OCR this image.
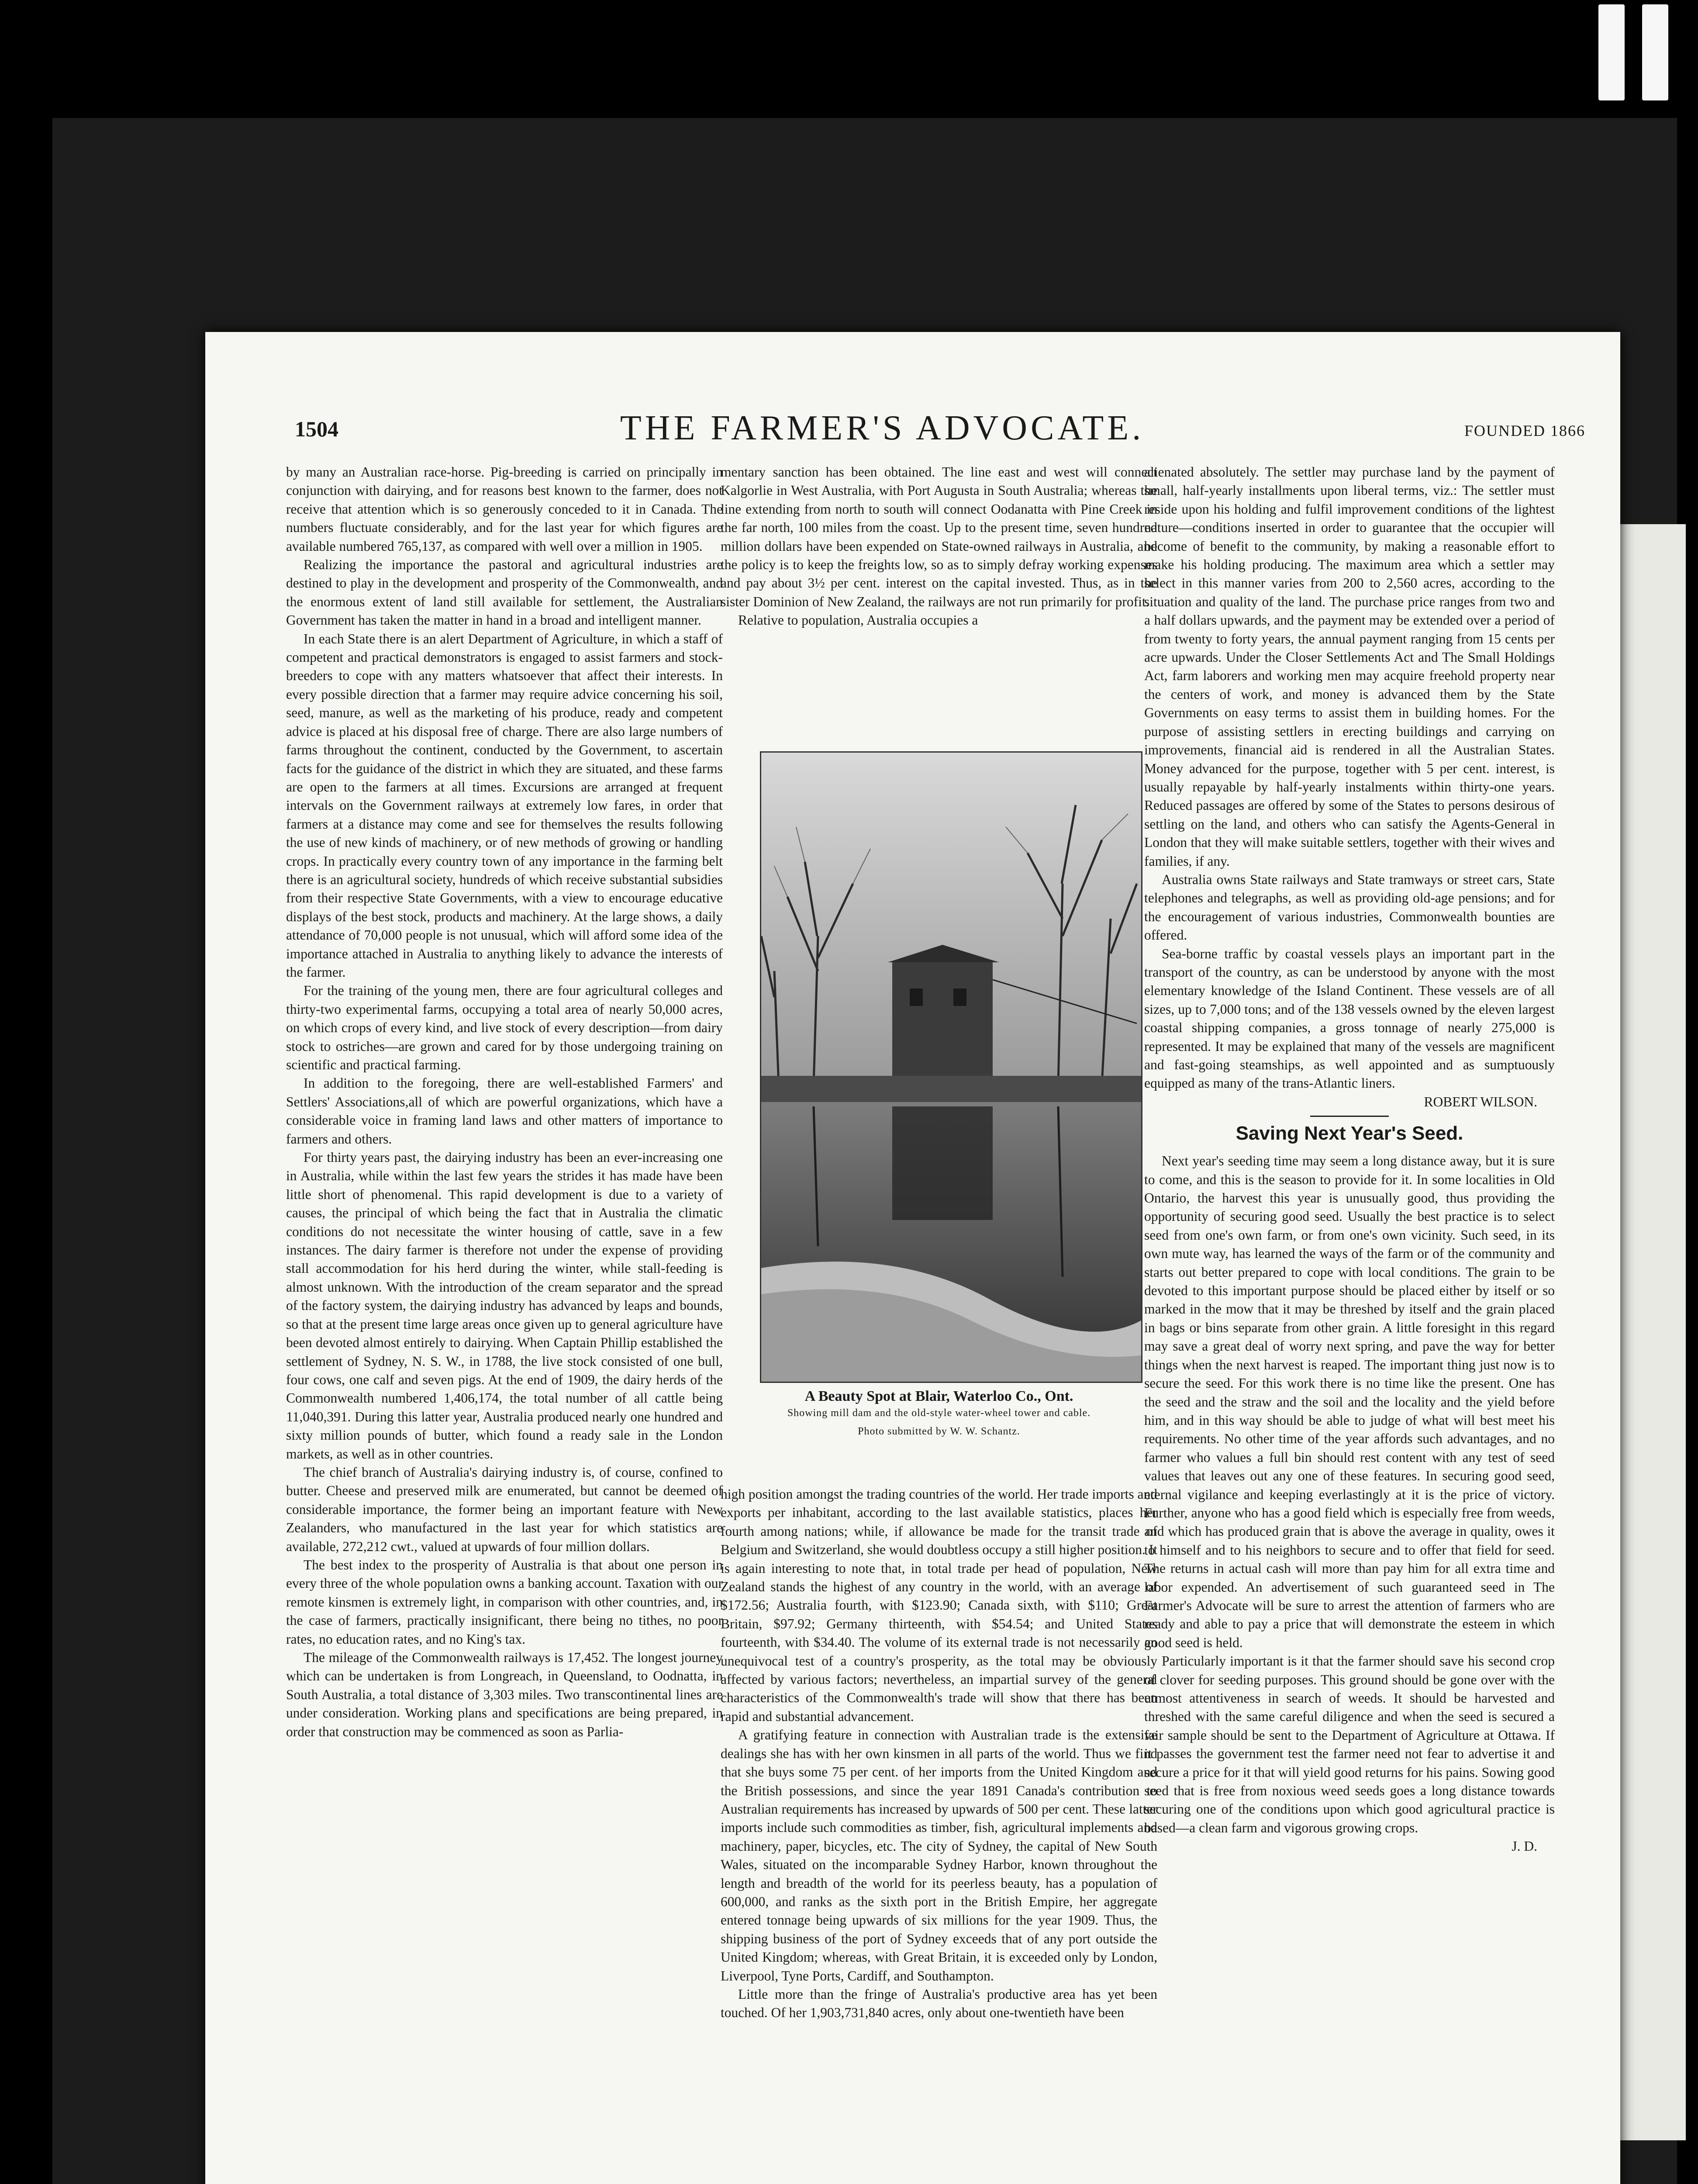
1504	THE FARMER'S ADVOCATE.	FOUNDED 1866

by many an Australian race-horse. Pig-breeding is carried on principally in conjunction with dairying, and for reasons best known to the farmer, does not receive that attention which is so generously conceded to it in Canada. The numbers fluctuate considerably, and for the last year for which figures are available numbered 765,137, as compared with well over a million in 1905.

Realizing the importance the pastoral and agricultural industries are destined to play in the development and prosperity of the Commonwealth, and the enormous extent of land still available for settlement, the Australian Government has taken the matter in hand in a broad and intelligent manner.

In each State there is an alert Department of Agriculture, in which a staff of competent and practical demonstrators is engaged to assist farmers and stock-breeders to cope with any matters whatsoever that affect their interests. In every possible direction that a farmer may require advice concerning his soil, seed, manure, as well as the marketing of his produce, ready and competent advice is placed at his disposal free of charge. There are also large numbers of farms throughout the continent, conducted by the Government, to ascertain facts for the guidance of the district in which they are situated, and these farms are open to the farmers at all times. Excursions are arranged at frequent intervals on the Government railways at extremely low fares, in order that farmers at a distance may come and see for themselves the results following the use of new kinds of machinery, or of new methods of growing or handling crops. In practically every country town of any importance in the farming belt there is an agricultural society, hundreds of which receive substantial subsidies from their respective State Governments, with a view to encourage educative displays of the best stock, products and machinery. At the large shows, a daily attendance of 70,000 people is not unusual, which will afford some idea of the importance attached in Australia to anything likely to advance the interests of the farmer.

For the training of the young men, there are four agricultural colleges and thirty-two experimental farms, occupying a total area of nearly 50,000 acres, on which crops of every kind, and live stock of every description—from dairy stock to ostriches—are grown and cared for by those undergoing training on scientific and practical farming.

In addition to the foregoing, there are well-established Farmers' and Settlers' Associations,all of which are powerful organizations, which have a considerable voice in framing land laws and other matters of importance to farmers and others.

For thirty years past, the dairying industry has been an ever-increasing one in Australia, while within the last few years the strides it has made have been little short of phenomenal. This rapid development is due to a variety of causes, the principal of which being the fact that in Australia the climatic conditions do not necessitate the winter housing of cattle, save in a few instances. The dairy farmer is therefore not under the expense of providing stall accommodation for his herd during the winter, while stall-feeding is almost unknown. With the introduction of the cream separator and the spread of the factory system, the dairying industry has advanced by leaps and bounds, so that at the present time large areas once given up to general agriculture have been devoted almost entirely to dairying. When Captain Phillip established the settlement of Sydney, N. S. W., in 1788, the live stock consisted of one bull, four cows, one calf and seven pigs. At the end of 1909, the dairy herds of the Commonwealth numbered 1,406,174, the total number of all cattle being 11,040,391. During this latter year, Australia produced nearly one hundred and sixty million pounds of butter, which found a ready sale in the London markets, as well as in other countries.

The chief branch of Australia's dairying industry is, of course, confined to butter. Cheese and preserved milk are enumerated, but cannot be deemed of considerable importance, the former being an important feature with New Zealanders, who manufactured in the last year for which statistics are available, 272,212 cwt., valued at upwards of four million dollars.

The best index to the prosperity of Australia is that about one person in every three of the whole population owns a banking account. Taxation with our remote kinsmen is extremely light, in comparison with other countries, and, in the case of farmers, practically insignificant, there being no tithes, no poor rates, no education rates, and no King's tax.

The mileage of the Commonwealth railways is 17,452. The longest journey which can be undertaken is from Longreach, in Queensland, to Oodnatta, in South Australia, a total distance of 3,303 miles. Two transcontinental lines are under consideration. Working plans and specifications are being prepared, in order that construction may be commenced as soon as Parlia-

mentary sanction has been obtained. The line east and west will connect Kalgorlie in West Australia, with Port Augusta in South Australia; whereas the line extending from north to south will connect Oodanatta with Pine Creek in the far north, 100 miles from the coast. Up to the present time, seven hundred million dollars have been expended on State-owned railways in Australia, and the policy is to keep the freights low, so as to simply defray working expenses and pay about 3½ per cent. interest on the capital invested. Thus, as in the sister Dominion of New Zealand, the railways are not run primarily for profit.

Relative to population, Australia occupies a

A Beauty Spot at Blair, Waterloo Co., Ont.
Showing mill dam and the old-style water-wheel tower and cable.
Photo submitted by W. W. Schantz.

high position amongst the trading countries of the world. Her trade imports and exports per inhabitant, according to the last available statistics, places her fourth among nations; while, if allowance be made for the transit trade of Belgium and Switzerland, she would doubtless occupy a still higher position. It is again interesting to note that, in total trade per head of population, New Zealand stands the highest of any country in the world, with an average of $172.56; Australia fourth, with $123.90; Canada sixth, with $110; Great Britain, $97.92; Germany thirteenth, with $54.54; and United States fourteenth, with $34.40. The volume of its external trade is not necessarily an unequivocal test of a country's prosperity, as the total may be obviously affected by various factors; nevertheless, an impartial survey of the general characteristics of the Commonwealth's trade will show that there has been rapid and substantial advancement.

A gratifying feature in connection with Australian trade is the extensive dealings she has with her own kinsmen in all parts of the world. Thus we find that she buys some 75 per cent. of her imports from the United Kingdom and the British possessions, and since the year 1891 Canada's contribution to Australian requirements has increased by upwards of 500 per cent. These latter imports include such commodities as timber, fish, agricultural implements and machinery, paper, bicycles, etc. The city of Sydney, the capital of New South Wales, situated on the incomparable Sydney Harbor, known throughout the length and breadth of the world for its peerless beauty, has a population of 600,000, and ranks as the sixth port in the British Empire, her aggregate entered tonnage being upwards of six millions for the year 1909. Thus, the shipping business of the port of Sydney exceeds that of any port outside the United Kingdom; whereas, with Great Britain, it is exceeded only by London, Liverpool, Tyne Ports, Cardiff, and Southampton.

Little more than the fringe of Australia's productive area has yet been touched. Of her 1,903,731,840 acres, only about one-twentieth have been

alienated absolutely. The settler may purchase land by the payment of small, half-yearly installments upon liberal terms, viz.: The settler must reside upon his holding and fulfil improvement conditions of the lightest nature—conditions inserted in order to guarantee that the occupier will become of benefit to the community, by making a reasonable effort to make his holding producing. The maximum area which a settler may select in this manner varies from 200 to 2,560 acres, according to the situation and quality of the land. The purchase price ranges from two and a half dollars upwards, and the payment may be extended over a period of from twenty to forty years, the annual payment ranging from 15 cents per acre upwards. Under the Closer Settlements Act and The Small Holdings Act, farm laborers and working men may acquire freehold property near the centers of work, and money is advanced them by the State Governments on easy terms to assist them in building homes. For the purpose of assisting settlers in erecting buildings and carrying on improvements, financial aid is rendered in all the Australian States. Money advanced for the purpose, together with 5 per cent. interest, is usually repayable by half-yearly instalments within thirty-one years. Reduced passages are offered by some of the States to persons desirous of settling on the land, and others who can satisfy the Agents-General in London that they will make suitable settlers, together with their wives and families, if any.

Australia owns State railways and State tramways or street cars, State telephones and telegraphs, as well as providing old-age pensions; and for the encouragement of various industries, Commonwealth bounties are offered.

Sea-borne traffic by coastal vessels plays an important part in the transport of the country, as can be understood by anyone with the most elementary knowledge of the Island Continent. These vessels are of all sizes, up to 7,000 tons; and of the 138 vessels owned by the eleven largest coastal shipping companies, a gross tonnage of nearly 275,000 is represented. It may be explained that many of the vessels are magnificent and fast-going steamships, as well appointed and as sumptuously equipped as many of the trans-Atlantic liners.

ROBERT WILSON.

Saving Next Year's Seed.

Next year's seeding time may seem a long distance away, but it is sure to come, and this is the season to provide for it. In some localities in Old Ontario, the harvest this year is unusually good, thus providing the opportunity of securing good seed. Usually the best practice is to select seed from one's own farm, or from one's own vicinity. Such seed, in its own mute way, has learned the ways of the farm or of the community and starts out better prepared to cope with local conditions. The grain to be devoted to this important purpose should be placed either by itself or so marked in the mow that it may be threshed by itself and the grain placed in bags or bins separate from other grain. A little foresight in this regard may save a great deal of worry next spring, and pave the way for better things when the next harvest is reaped. The important thing just now is to secure the seed. For this work there is no time like the present. One has the seed and the straw and the soil and the locality and the yield before him, and in this way should be able to judge of what will best meet his requirements. No other time of the year affords such advantages, and no farmer who values a full bin should rest content with any test of seed values that leaves out any one of these features. In securing good seed, eternal vigilance and keeping everlastingly at it is the price of victory. Further, anyone who has a good field which is especially free from weeds, and which has produced grain that is above the average in quality, owes it to himself and to his neighbors to secure and to offer that field for seed. The returns in actual cash will more than pay him for all extra time and labor expended. An advertisement of such guaranteed seed in The Farmer's Advocate will be sure to arrest the attention of farmers who are ready and able to pay a price that will demonstrate the esteem in which good seed is held.

Particularly important is it that the farmer should save his second crop of clover for seeding purposes. This ground should be gone over with the utmost attentiveness in search of weeds. It should be harvested and threshed with the same careful diligence and when the seed is secured a fair sample should be sent to the Department of Agriculture at Ottawa. If it passes the government test the farmer need not fear to advertise it and secure a price for it that will yield good returns for his pains. Sowing good seed that is free from noxious weed seeds goes a long distance towards securing one of the conditions upon which good agricultural practice is based—a clean farm and vigorous growing crops.

J. D.
